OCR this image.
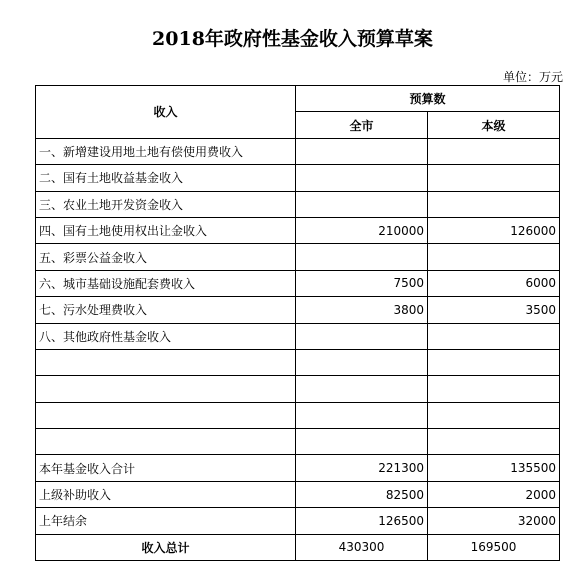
2018年政府性基金收入预算草案
单位：万元
收入	预算数	
	全市	本级
一、新增建设用地土地有偿使用费收入		
二、国有土地收益基金收入		
三、农业土地开发资金收入		
四、国有土地使用权出让金收入	210000	126000
五、彩票公益金收入		
六、城市基础设施配套费收入	7500	6000
七、污水处理费收入	3800	3500
八、其他政府性基金收入		

本年基金收入合计	221300	135500
上级补助收入	82500	2000
上年结余	126500	32000
收入总计	430300	169500
